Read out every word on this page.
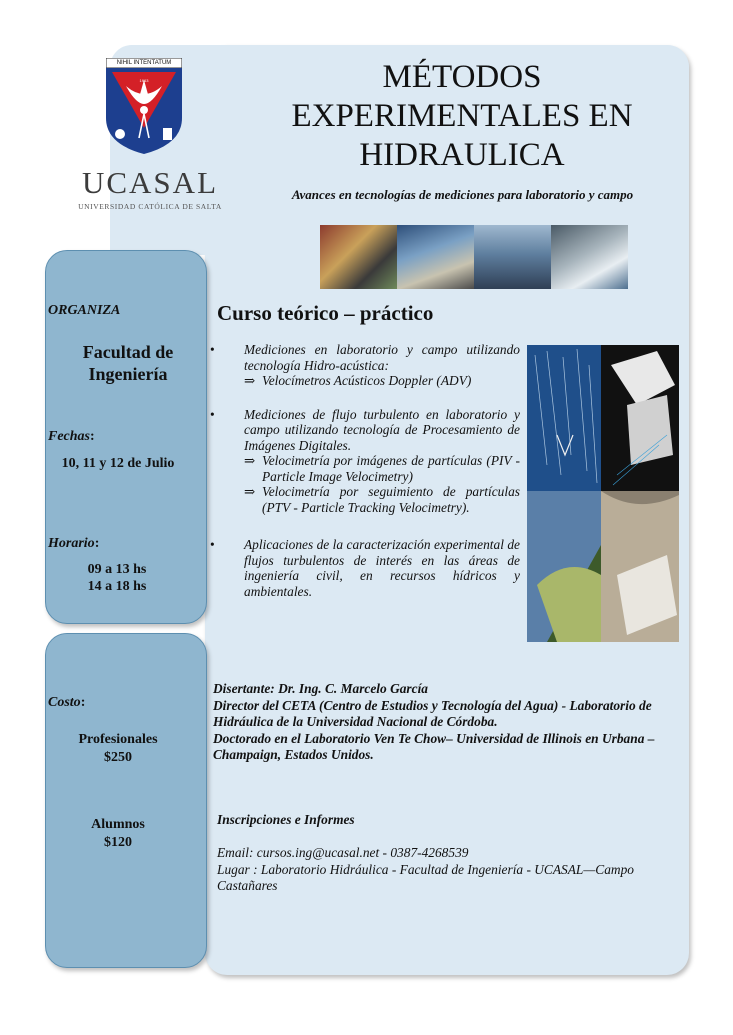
NIHIL INTENTATUM
1963
UCASAL
UNIVERSIDAD CATÓLICA DE SALTA
MÉTODOS
EXPERIMENTALES EN
HIDRAULICA
Avances en tecnologías de mediciones para laboratorio y campo
ORGANIZA
Facultad de Ingeniería
Fechas:
10, 11 y 12 de Julio
Horario:
09 a 13 hs
14 a 18 hs
Costo:
Profesionales
$250
Alumnos
$120
Curso teórico – práctico
• Mediciones en laboratorio y campo utilizando tecnología Hidro-acústica:
⇒ Velocímetros Acústicos Doppler (ADV)
• Mediciones de flujo turbulento en laboratorio y campo utilizando tecnología de Procesamiento de Imágenes Digitales.
⇒ Velocimetría por imágenes de partículas (PIV - Particle Image Velocimetry)
⇒ Velocimetría por seguimiento de partículas (PTV - Particle Tracking Velocimetry).
• Aplicaciones de la caracterización experimental de flujos turbulentos de interés en las áreas de ingeniería civil, en recursos hídricos y ambientales.
Disertante: Dr. Ing. C. Marcelo García
Director del CETA (Centro de Estudios y Tecnología del Agua) - Laboratorio de Hidráulica de la Universidad Nacional de Córdoba.
Doctorado en el Laboratorio Ven Te Chow– Universidad de Illinois en Urbana – Champaign, Estados Unidos.
Inscripciones e Informes
Email: cursos.ing@ucasal.net - 0387-4268539
Lugar : Laboratorio Hidráulica - Facultad de Ingeniería - UCASAL—Campo Castañares
